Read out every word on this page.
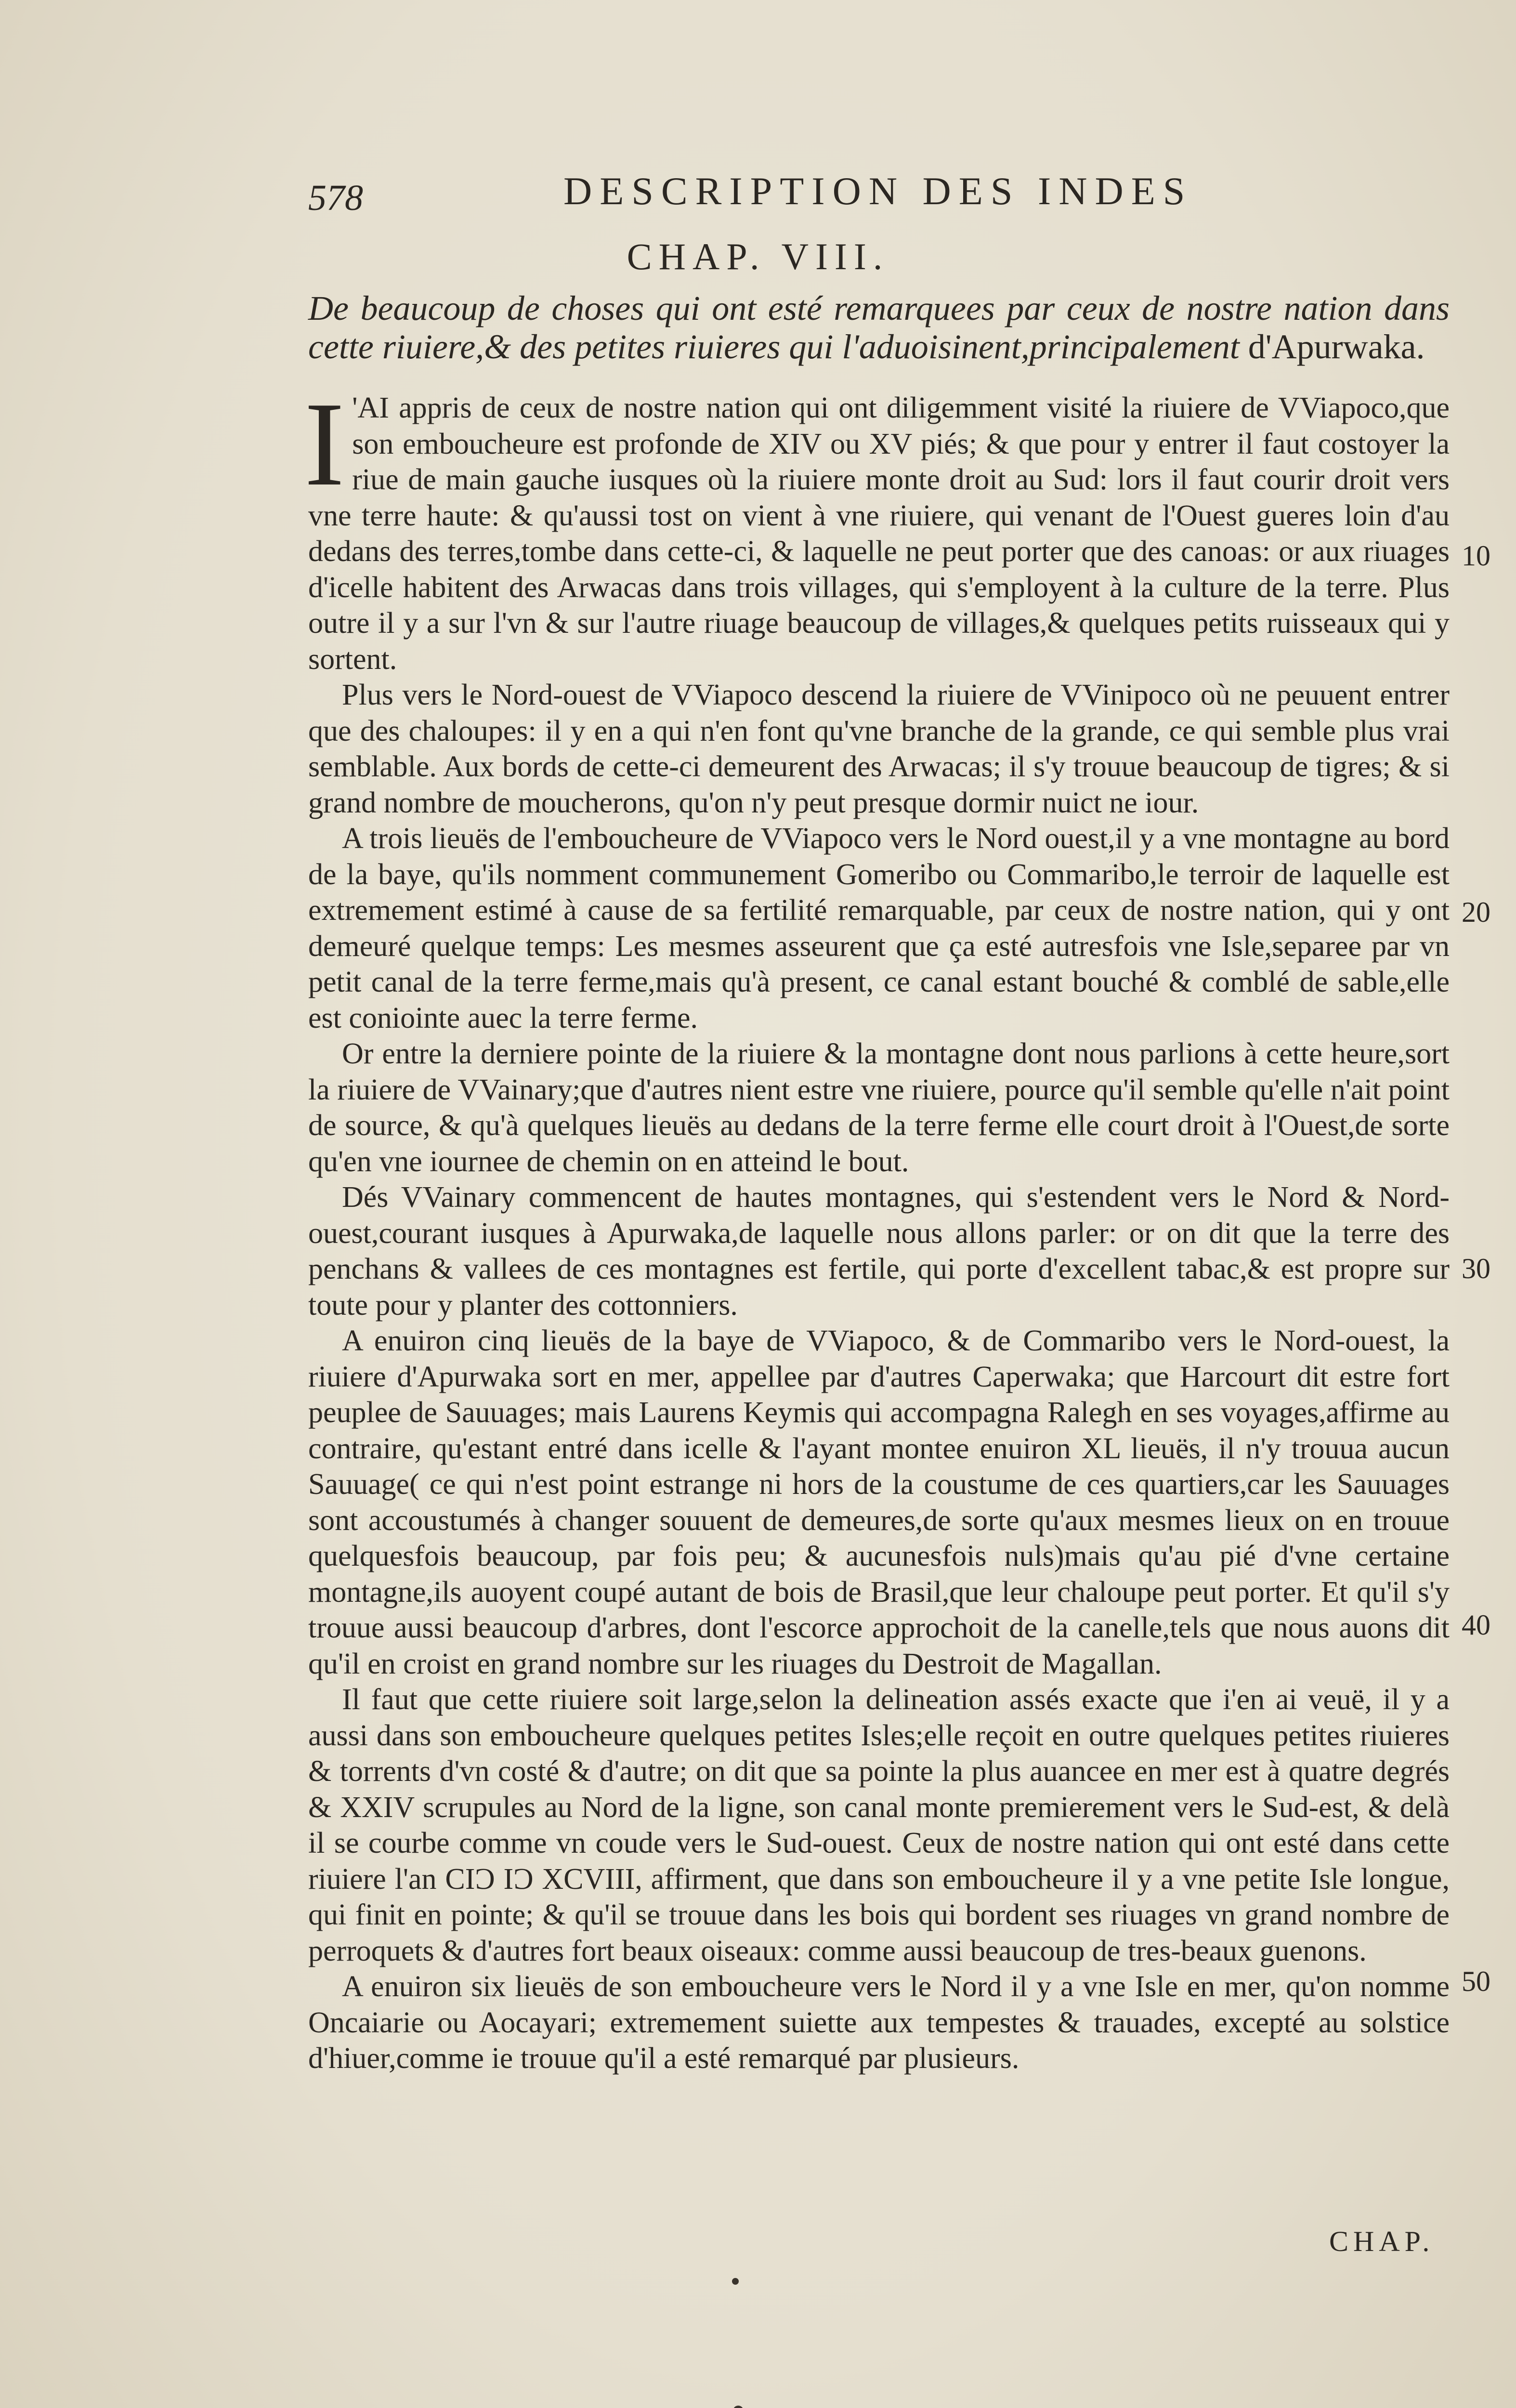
578	DESCRIPTION DES INDES
CHAP. VIII.
De beaucoup de choses qui ont esté remarquees par ceux de nostre nation dans cette riuiere,& des petites riuieres qui l'aduoisinent,principalement d'Apurwaka.

I 'AI appris de ceux de nostre nation qui ont diligemment visité la riuiere de VViapoco,que son emboucheure est profonde de XIV ou XV piés; & que pour y entrer il faut costoyer la riue de main gauche iusques où la riuiere monte droit au Sud: lors il faut courir droit vers vne terre haute: & qu'aussi tost on vient à vne riuiere, qui venant de l'Ouest gueres loin d'au dedans des terres,tombe dans cette-ci, & laquelle ne peut porter que des canoas: or aux riuages d'icelle habitent des Arwacas dans trois villages, qui s'employent à la culture de la terre. Plus outre il y a sur l'vn & sur l'autre riuage beaucoup de villages,& quelques petits ruisseaux qui y sortent.

Plus vers le Nord-ouest de VViapoco descend la riuiere de VVinipoco où ne peuuent entrer que des chaloupes: il y en a qui n'en font qu'vne branche de la grande, ce qui semble plus vrai semblable. Aux bords de cette-ci demeurent des Arwacas; il s'y trouue beaucoup de tigres; & si grand nombre de moucherons, qu'on n'y peut presque dormir nuict ne iour.

A trois lieuës de l'emboucheure de VViapoco vers le Nord ouest,il y a vne montagne au bord de la baye, qu'ils nomment communement Gomeribo ou Commaribo,le terroir de laquelle est extremement estimé à cause de sa fertilité remarquable, par ceux de nostre nation, qui y ont demeuré quelque temps: Les mesmes asseurent que ça esté autresfois vne Isle,separee par vn petit canal de la terre ferme,mais qu'à present, ce canal estant bouché & comblé de sable,elle est coniointe auec la terre ferme.

Or entre la derniere pointe de la riuiere & la montagne dont nous parlions à cette heure,sort la riuiere de VVainary;que d'autres nient estre vne riuiere, pource qu'il semble qu'elle n'ait point de source, & qu'à quelques lieuës au dedans de la terre ferme elle court droit à l'Ouest,de sorte qu'en vne iournee de chemin on en atteind le bout.

Dés VVainary commencent de hautes montagnes, qui s'estendent vers le Nord & Nord-ouest,courant iusques à Apurwaka,de laquelle nous allons parler: or on dit que la terre des penchans & vallees de ces montagnes est fertile, qui porte d'excellent tabac,& est propre sur toute pour y planter des cottonniers.

A enuiron cinq lieuës de la baye de VViapoco, & de Commaribo vers le Nord-ouest, la riuiere d'Apurwaka sort en mer, appellee par d'autres Caperwaka; que Harcourt dit estre fort peuplee de Sauuages; mais Laurens Keymis qui accompagna Ralegh en ses voyages,affirme au contraire, qu'estant entré dans icelle & l'ayant montee enuiron XL lieuës, il n'y trouua aucun Sauuage( ce qui n'est point estrange ni hors de la coustume de ces quartiers,car les Sauuages sont accoustumés à changer souuent de demeures,de sorte qu'aux mesmes lieux on en trouue quelquesfois beaucoup, par fois peu; & aucunesfois nuls)mais qu'au pié d'vne certaine montagne,ils auoyent coupé autant de bois de Brasil,que leur chaloupe peut porter. Et qu'il s'y trouue aussi beaucoup d'arbres, dont l'escorce approchoit de la canelle,tels que nous auons dit qu'il en croist en grand nombre sur les riuages du Destroit de Magallan.

Il faut que cette riuiere soit large,selon la delineation assés exacte que i'en ai veuë, il y a aussi dans son emboucheure quelques petites Isles;elle reçoit en outre quelques petites riuieres & torrents d'vn costé & d'autre; on dit que sa pointe la plus auancee en mer est à quatre degrés & XXIV scrupules au Nord de la ligne, son canal monte premierement vers le Sud-est, & delà il se courbe comme vn coude vers le Sud-ouest. Ceux de nostre nation qui ont esté dans cette riuiere l'an CIƆ IƆ XCVIII, affirment, que dans son emboucheure il y a vne petite Isle longue, qui finit en pointe; & qu'il se trouue dans les bois qui bordent ses riuages vn grand nombre de perroquets & d'autres fort beaux oiseaux: comme aussi beaucoup de tres-beaux guenons.

A enuiron six lieuës de son emboucheure vers le Nord il y a vne Isle en mer, qu'on nomme Oncaiarie ou Aocayari; extremement suiette aux tempestes & trauades, excepté au solstice d'hiuer,comme ie trouue qu'il a esté remarqué par plusieurs.

10
20
30
40
50
CHAP.
